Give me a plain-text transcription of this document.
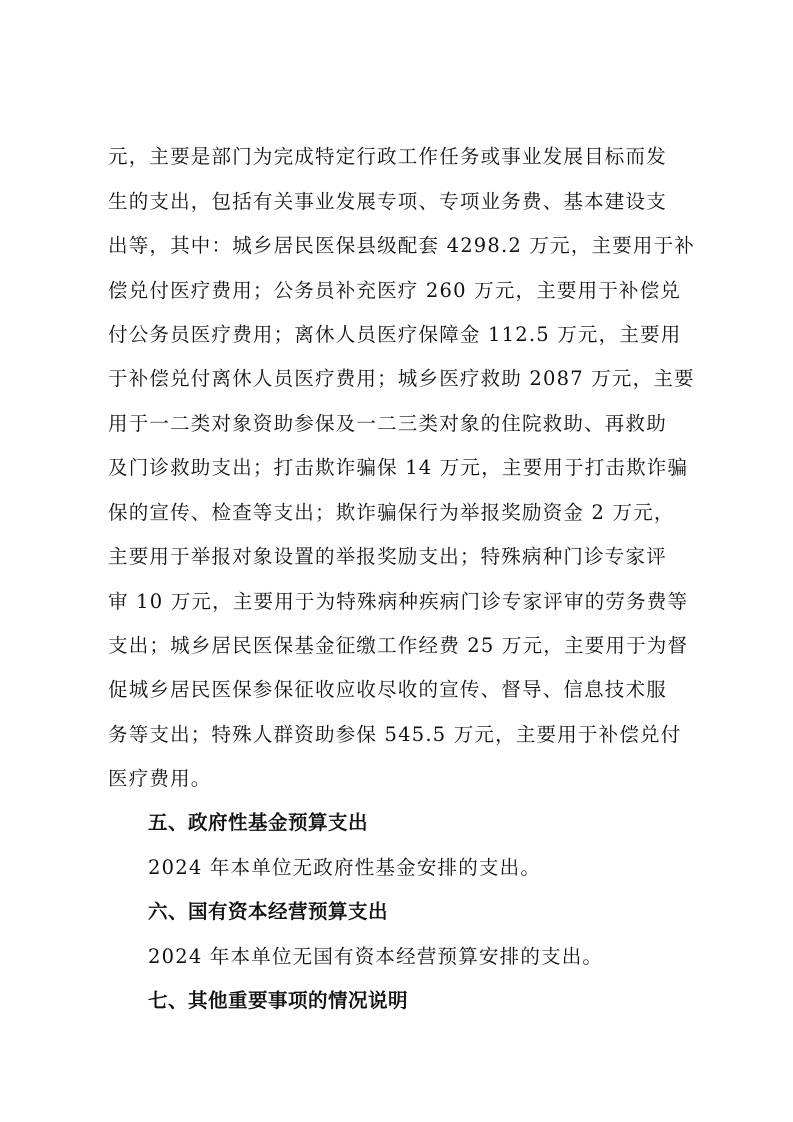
元，主要是部门为完成特定行政工作任务或事业发展目标而发
生的支出，包括有关事业发展专项、专项业务费、基本建设支
出等，其中：城乡居民医保县级配套 4298.2 万元，主要用于补
偿兑付医疗费用；公务员补充医疗 260 万元，主要用于补偿兑
付公务员医疗费用；离休人员医疗保障金 112.5 万元，主要用
于补偿兑付离休人员医疗费用；城乡医疗救助 2087 万元，主要
用于一二类对象资助参保及一二三类对象的住院救助、再救助
及门诊救助支出；打击欺诈骗保 14 万元，主要用于打击欺诈骗
保的宣传、检查等支出；欺诈骗保行为举报奖励资金 2 万元，
主要用于举报对象设置的举报奖励支出；特殊病种门诊专家评
审 10 万元，主要用于为特殊病种疾病门诊专家评审的劳务费等
支出；城乡居民医保基金征缴工作经费 25 万元，主要用于为督
促城乡居民医保参保征收应收尽收的宣传、督导、信息技术服
务等支出；特殊人群资助参保 545.5 万元，主要用于补偿兑付
医疗费用。
五、政府性基金预算支出
2024 年本单位无政府性基金安排的支出。
六、国有资本经营预算支出
2024 年本单位无国有资本经营预算安排的支出。
七、其他重要事项的情况说明
